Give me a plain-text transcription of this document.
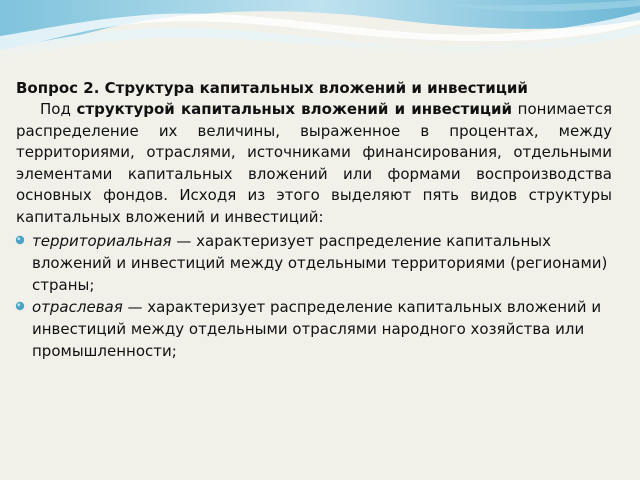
Вопрос 2. Структура капитальных вложений и инвестиций

Под структурой капитальных вложений и инвестиций понимается распределение их величины, выраженное в процентах, между территориями, отраслями, источниками финансирования, отдельными элементами капитальных вложений или формами воспроизводства основных фондов. Исходя из этого выделяют пять видов структуры капитальных вложений и инвестиций:

территориальная — характеризует распределение капитальных вложений и инвестиций между отдельными территориями (регионами) страны;
отраслевая — характеризует распределение капитальных вложений и инвестиций между отдельными отраслями народного хозяйства или промышленности;
